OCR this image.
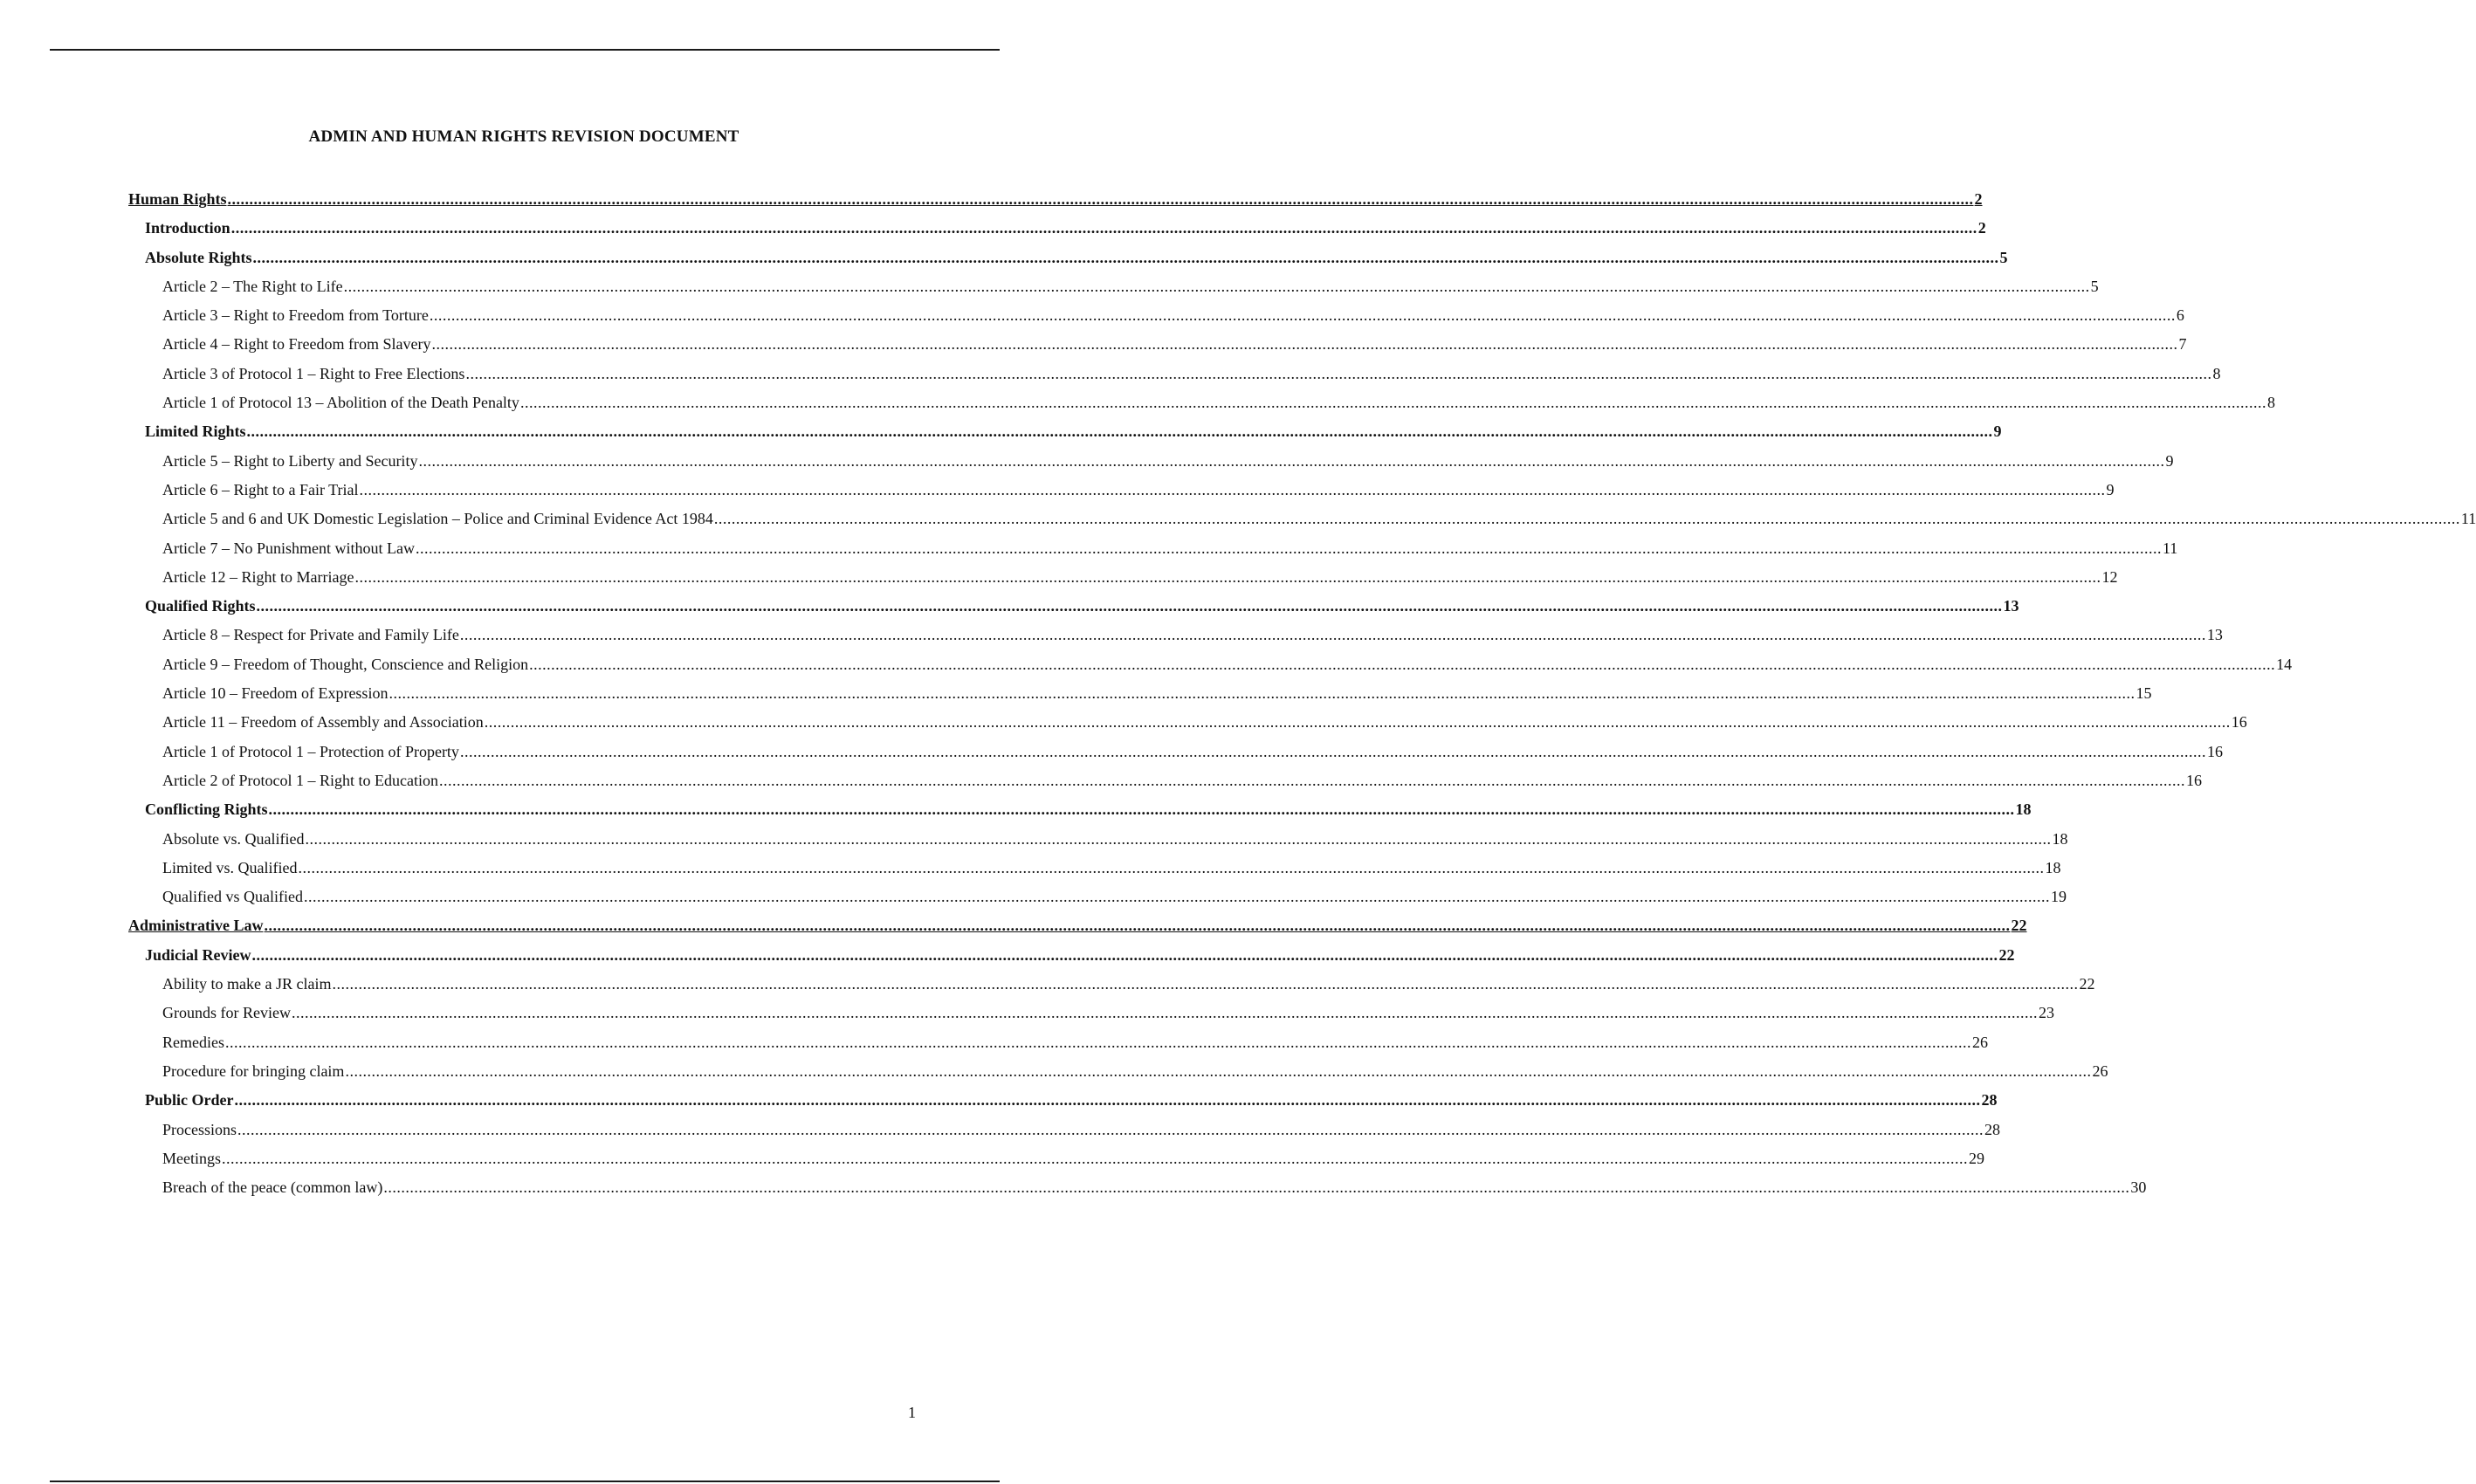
ADMIN AND HUMAN RIGHTS REVISION DOCUMENT
Human Rights ................................................................................................................................................................................................................................................................................................................................................................................................................ 2
Introduction ................................................................................................................................................................................................................................................................................................................................................................................................................ 2
Absolute Rights ................................................................................................................................................................................................................................................................................................................................................................................................................ 5
Article 2 – The Right to Life ................................................................................................................................................................................................................................................................................................................................................................................................................ 5
Article 3 – Right to Freedom from Torture ................................................................................................................................................................................................................................................................................................................................................................................................................ 6
Article 4 – Right to Freedom from Slavery ................................................................................................................................................................................................................................................................................................................................................................................................................ 7
Article 3 of Protocol 1 – Right to Free Elections ................................................................................................................................................................................................................................................................................................................................................................................................................ 8
Article 1 of Protocol 13 – Abolition of the Death Penalty ................................................................................................................................................................................................................................................................................................................................................................................................................ 8
Limited Rights ................................................................................................................................................................................................................................................................................................................................................................................................................ 9
Article 5 – Right to Liberty and Security ................................................................................................................................................................................................................................................................................................................................................................................................................ 9
Article 6 – Right to a Fair Trial ................................................................................................................................................................................................................................................................................................................................................................................................................ 9
Article 5 and 6 and UK Domestic Legislation – Police and Criminal Evidence Act 1984 ................................................................................................................................................................................................................................................................................................................................................................................................................ 11
Article 7 – No Punishment without Law ................................................................................................................................................................................................................................................................................................................................................................................................................ 11
Article 12 – Right to Marriage ................................................................................................................................................................................................................................................................................................................................................................................................................ 12
Qualified Rights ................................................................................................................................................................................................................................................................................................................................................................................................................ 13
Article 8 – Respect for Private and Family Life ................................................................................................................................................................................................................................................................................................................................................................................................................ 13
Article 9 – Freedom of Thought, Conscience and Religion ................................................................................................................................................................................................................................................................................................................................................................................................................ 14
Article 10 – Freedom of Expression ................................................................................................................................................................................................................................................................................................................................................................................................................ 15
Article 11 – Freedom of Assembly and Association ................................................................................................................................................................................................................................................................................................................................................................................................................ 16
Article 1 of Protocol 1 – Protection of Property ................................................................................................................................................................................................................................................................................................................................................................................................................ 16
Article 2 of Protocol 1 – Right to Education ................................................................................................................................................................................................................................................................................................................................................................................................................ 16
Conflicting Rights ................................................................................................................................................................................................................................................................................................................................................................................................................ 18
Absolute vs. Qualified ................................................................................................................................................................................................................................................................................................................................................................................................................ 18
Limited vs. Qualified ................................................................................................................................................................................................................................................................................................................................................................................................................ 18
Qualified vs Qualified ................................................................................................................................................................................................................................................................................................................................................................................................................ 19
Administrative Law ................................................................................................................................................................................................................................................................................................................................................................................................................ 22
Judicial Review ................................................................................................................................................................................................................................................................................................................................................................................................................ 22
Ability to make a JR claim ................................................................................................................................................................................................................................................................................................................................................................................................................ 22
Grounds for Review ................................................................................................................................................................................................................................................................................................................................................................................................................ 23
Remedies ................................................................................................................................................................................................................................................................................................................................................................................................................ 26
Procedure for bringing claim ................................................................................................................................................................................................................................................................................................................................................................................................................ 26
Public Order ................................................................................................................................................................................................................................................................................................................................................................................................................ 28
Processions ................................................................................................................................................................................................................................................................................................................................................................................................................ 28
Meetings ................................................................................................................................................................................................................................................................................................................................................................................................................ 29
Breach of the peace (common law) ................................................................................................................................................................................................................................................................................................................................................................................................................ 30
1
